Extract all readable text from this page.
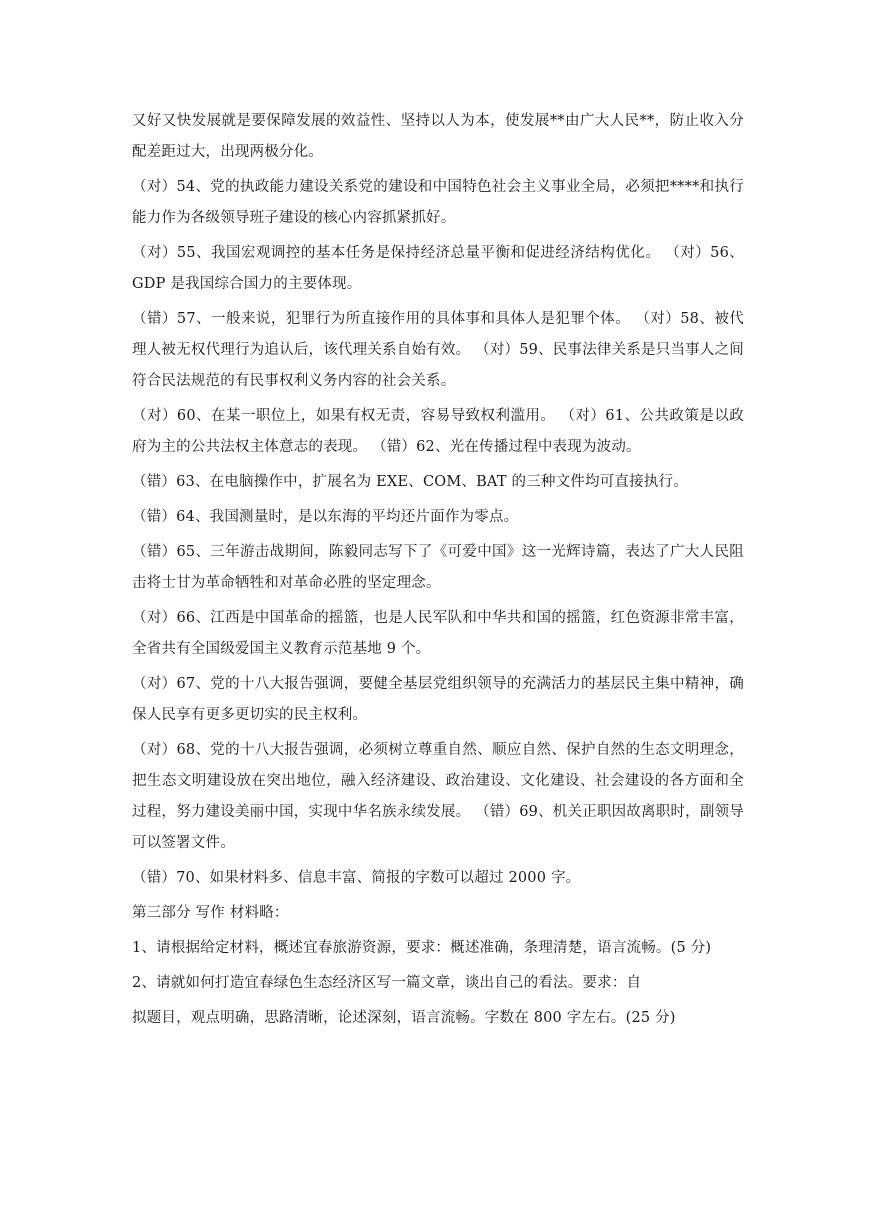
又好又快发展就是要保障发展的效益性、坚持以人为本，使发展**由广大人民**，防止收入分配差距过大，出现两极分化。

（对）54、党的执政能力建设关系党的建设和中国特色社会主义事业全局，必须把****和执行能力作为各级领导班子建设的核心内容抓紧抓好。

（对）55、我国宏观调控的基本任务是保持经济总量平衡和促进经济结构优化。 （对）56、GDP 是我国综合国力的主要体现。

（错）57、一般来说，犯罪行为所直接作用的具体事和具体人是犯罪个体。 （对）58、被代理人被无权代理行为追认后，该代理关系自始有效。 （对）59、民事法律关系是只当事人之间符合民法规范的有民事权利义务内容的社会关系。

（对）60、在某一职位上，如果有权无责，容易导致权利滥用。 （对）61、公共政策是以政府为主的公共法权主体意志的表现。 （错）62、光在传播过程中表现为波动。

（错）63、在电脑操作中，扩展名为 EXE、COM、BAT 的三种文件均可直接执行。

（错）64、我国测量时，是以东海的平均还片面作为零点。

（错）65、三年游击战期间，陈毅同志写下了《可爱中国》这一光辉诗篇，表达了广大人民阻击将士甘为革命牺牲和对革命必胜的坚定理念。

（对）66、江西是中国革命的摇篮，也是人民军队和中华共和国的摇篮，红色资源非常丰富，全省共有全国级爱国主义教育示范基地 9 个。

（对）67、党的十八大报告强调，要健全基层党组织领导的充满活力的基层民主集中精神，确保人民享有更多更切实的民主权利。

（对）68、党的十八大报告强调，必须树立尊重自然、顺应自然、保护自然的生态文明理念，把生态文明建设放在突出地位，融入经济建设、政治建设、文化建设、社会建设的各方面和全过程，努力建设美丽中国，实现中华名族永续发展。 （错）69、机关正职因故离职时，副领导可以签署文件。

（错）70、如果材料多、信息丰富、简报的字数可以超过 2000 字。

第三部分 写作 材料略：

1、请根据给定材料，概述宜春旅游资源，要求：概述准确，条理清楚，语言流畅。(5 分)

2、请就如何打造宜春绿色生态经济区写一篇文章，谈出自己的看法。要求：自

拟题目，观点明确，思路清晰，论述深刻，语言流畅。字数在 800 字左右。(25 分)
